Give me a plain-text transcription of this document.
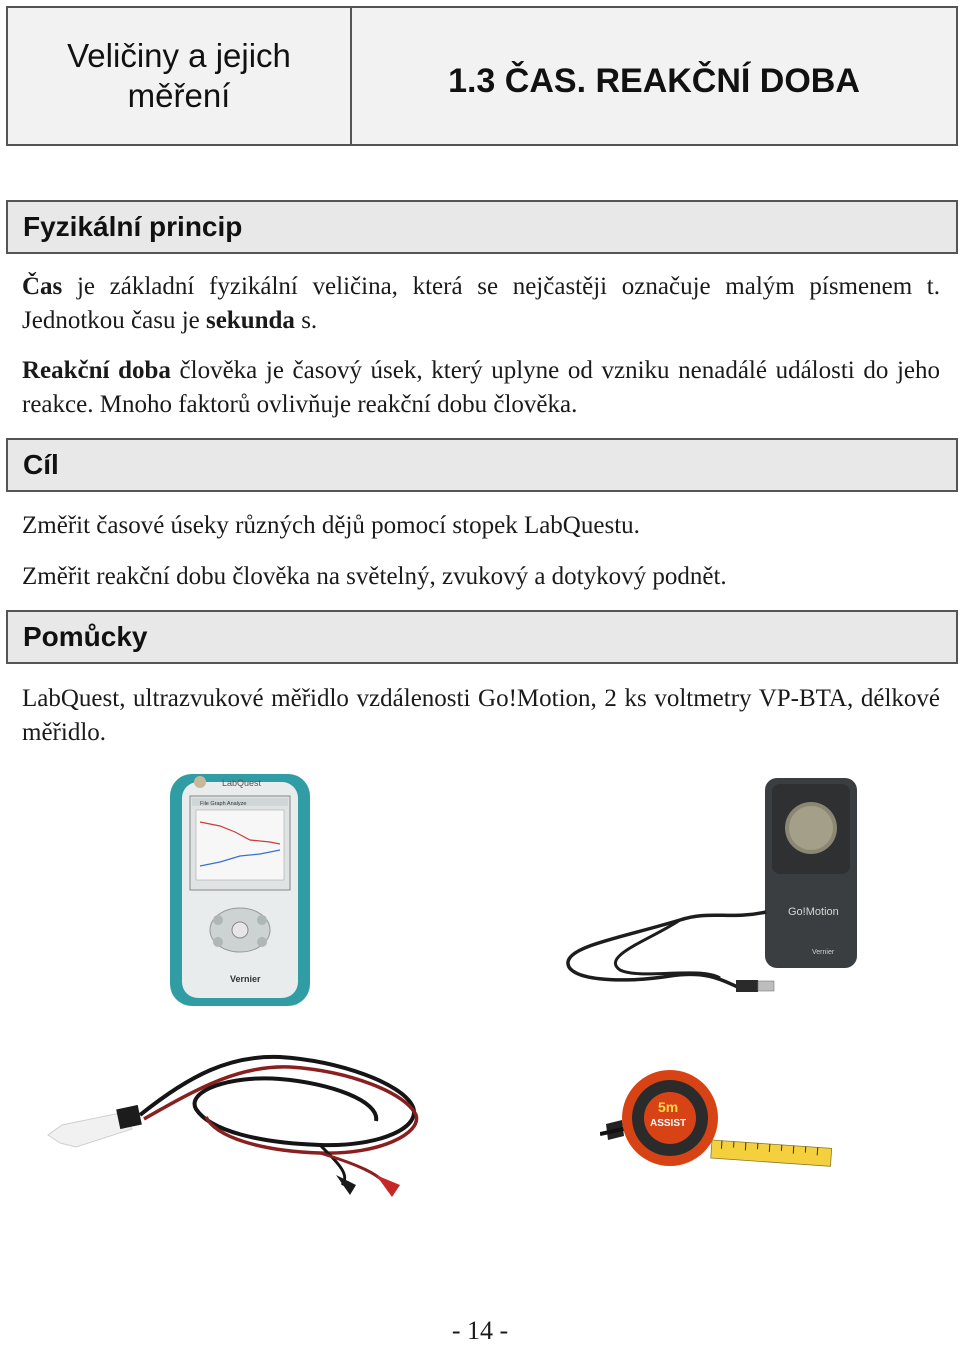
Veličiny a jejich
měření	1.3 ČAS. REAKČNÍ DOBA
Fyzikální princip

Čas je základní fyzikální veličina, která se nejčastěji označuje malým písmenem t. Jednotkou času je sekunda s.

Reakční doba člověka je časový úsek, který uplyne od vzniku nenadálé události do jeho reakce. Mnoho faktorů ovlivňuje reakční dobu člověka.

Cíl

Změřit časové úseky různých dějů pomocí stopek LabQuestu.

Změřit reakční dobu člověka na světelný, zvukový a dotykový podnět.

Pomůcky

LabQuest, ultrazvukové měřidlo vzdálenosti Go!Motion, 2 ks voltmetry VP-BTA, délkové měřidlo.

LabQuest
File Graph Analyze
Vernier
Go!Motion
Vernier
5m
ASSIST
- 14 -
